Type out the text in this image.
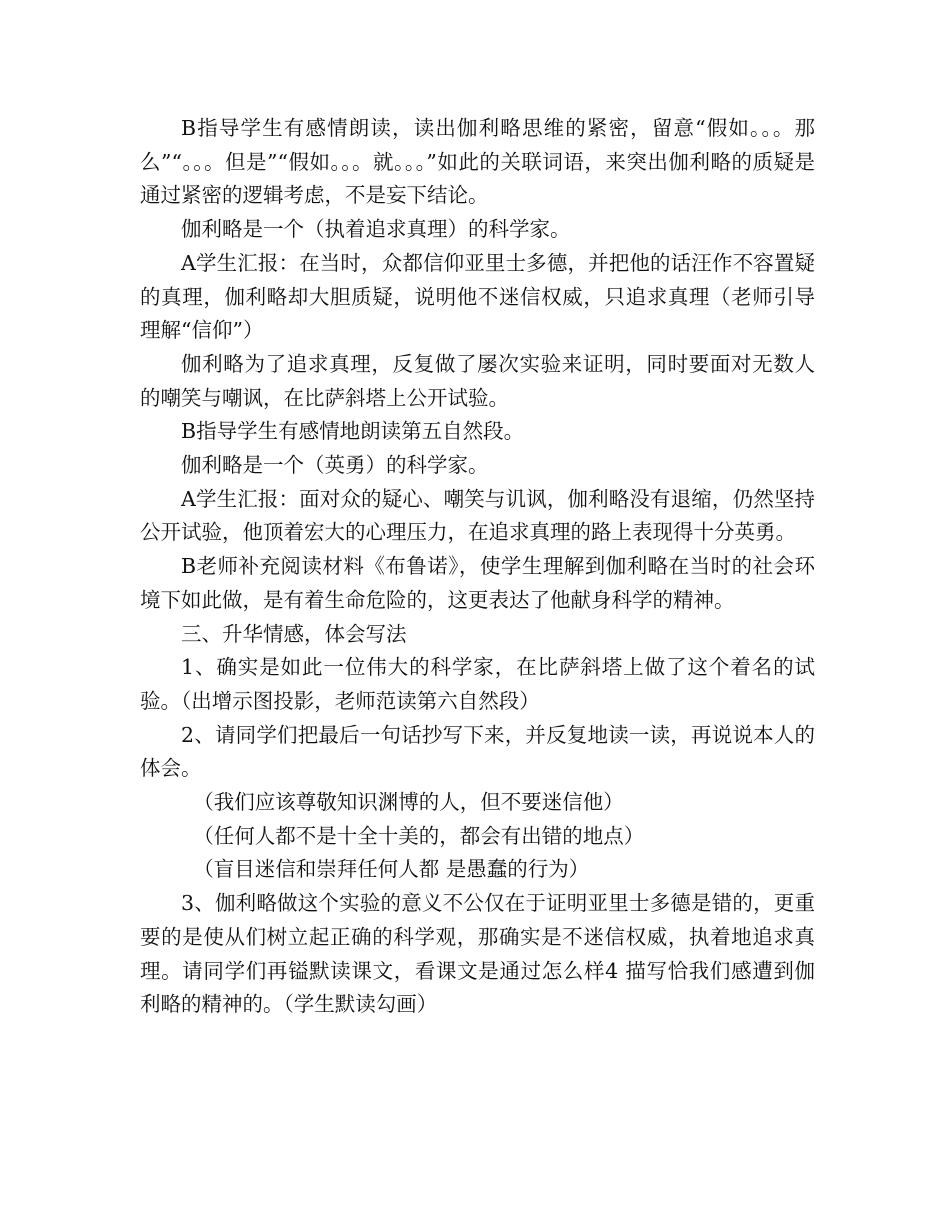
B指导学生有感情朗读，读出伽利略思维的紧密，留意“假如。。。那么”“。。。但是”“假如。。。就。。。”如此的关联词语，来突出伽利略的质疑是通过紧密的逻辑考虑，不是妄下结论。

伽利略是一个（执着追求真理）的科学家。

A学生汇报：在当时，众都信仰亚里士多德，并把他的话汪作不容置疑的真理，伽利略却大胆质疑，说明他不迷信权威，只追求真理（老师引导理解“信仰”）

伽利略为了追求真理，反复做了屡次实验来证明，同时要面对无数人的嘲笑与嘲讽，在比萨斜塔上公开试验。

B指导学生有感情地朗读第五自然段。

伽利略是一个（英勇）的科学家。

A学生汇报：面对众的疑心、嘲笑与讥讽，伽利略没有退缩，仍然坚持公开试验，他顶着宏大的心理压力，在追求真理的路上表现得十分英勇。

B老师补充阅读材料《布鲁诺》，使学生理解到伽利略在当时的社会环境下如此做，是有着生命危险的，这更表达了他献身科学的精神。

三、升华情感，体会写法

1、确实是如此一位伟大的科学家，在比萨斜塔上做了这个着名的试验。（出增示图投影，老师范读第六自然段）

2、请同学们把最后一句话抄写下来，并反复地读一读，再说说本人的体会。

（我们应该尊敬知识渊博的人，但不要迷信他）

（任何人都不是十全十美的，都会有出错的地点）

（盲目迷信和崇拜任何人都 是愚蠢的行为）

3、伽利略做这个实验的意义不公仅在于证明亚里士多德是错的，更重要的是使从们树立起正确的科学观，那确实是不迷信权威，执着地追求真理。请同学们再镒默读课文，看课文是通过怎么样4 描写恰我们感遭到伽利略的精神的。（学生默读勾画）
